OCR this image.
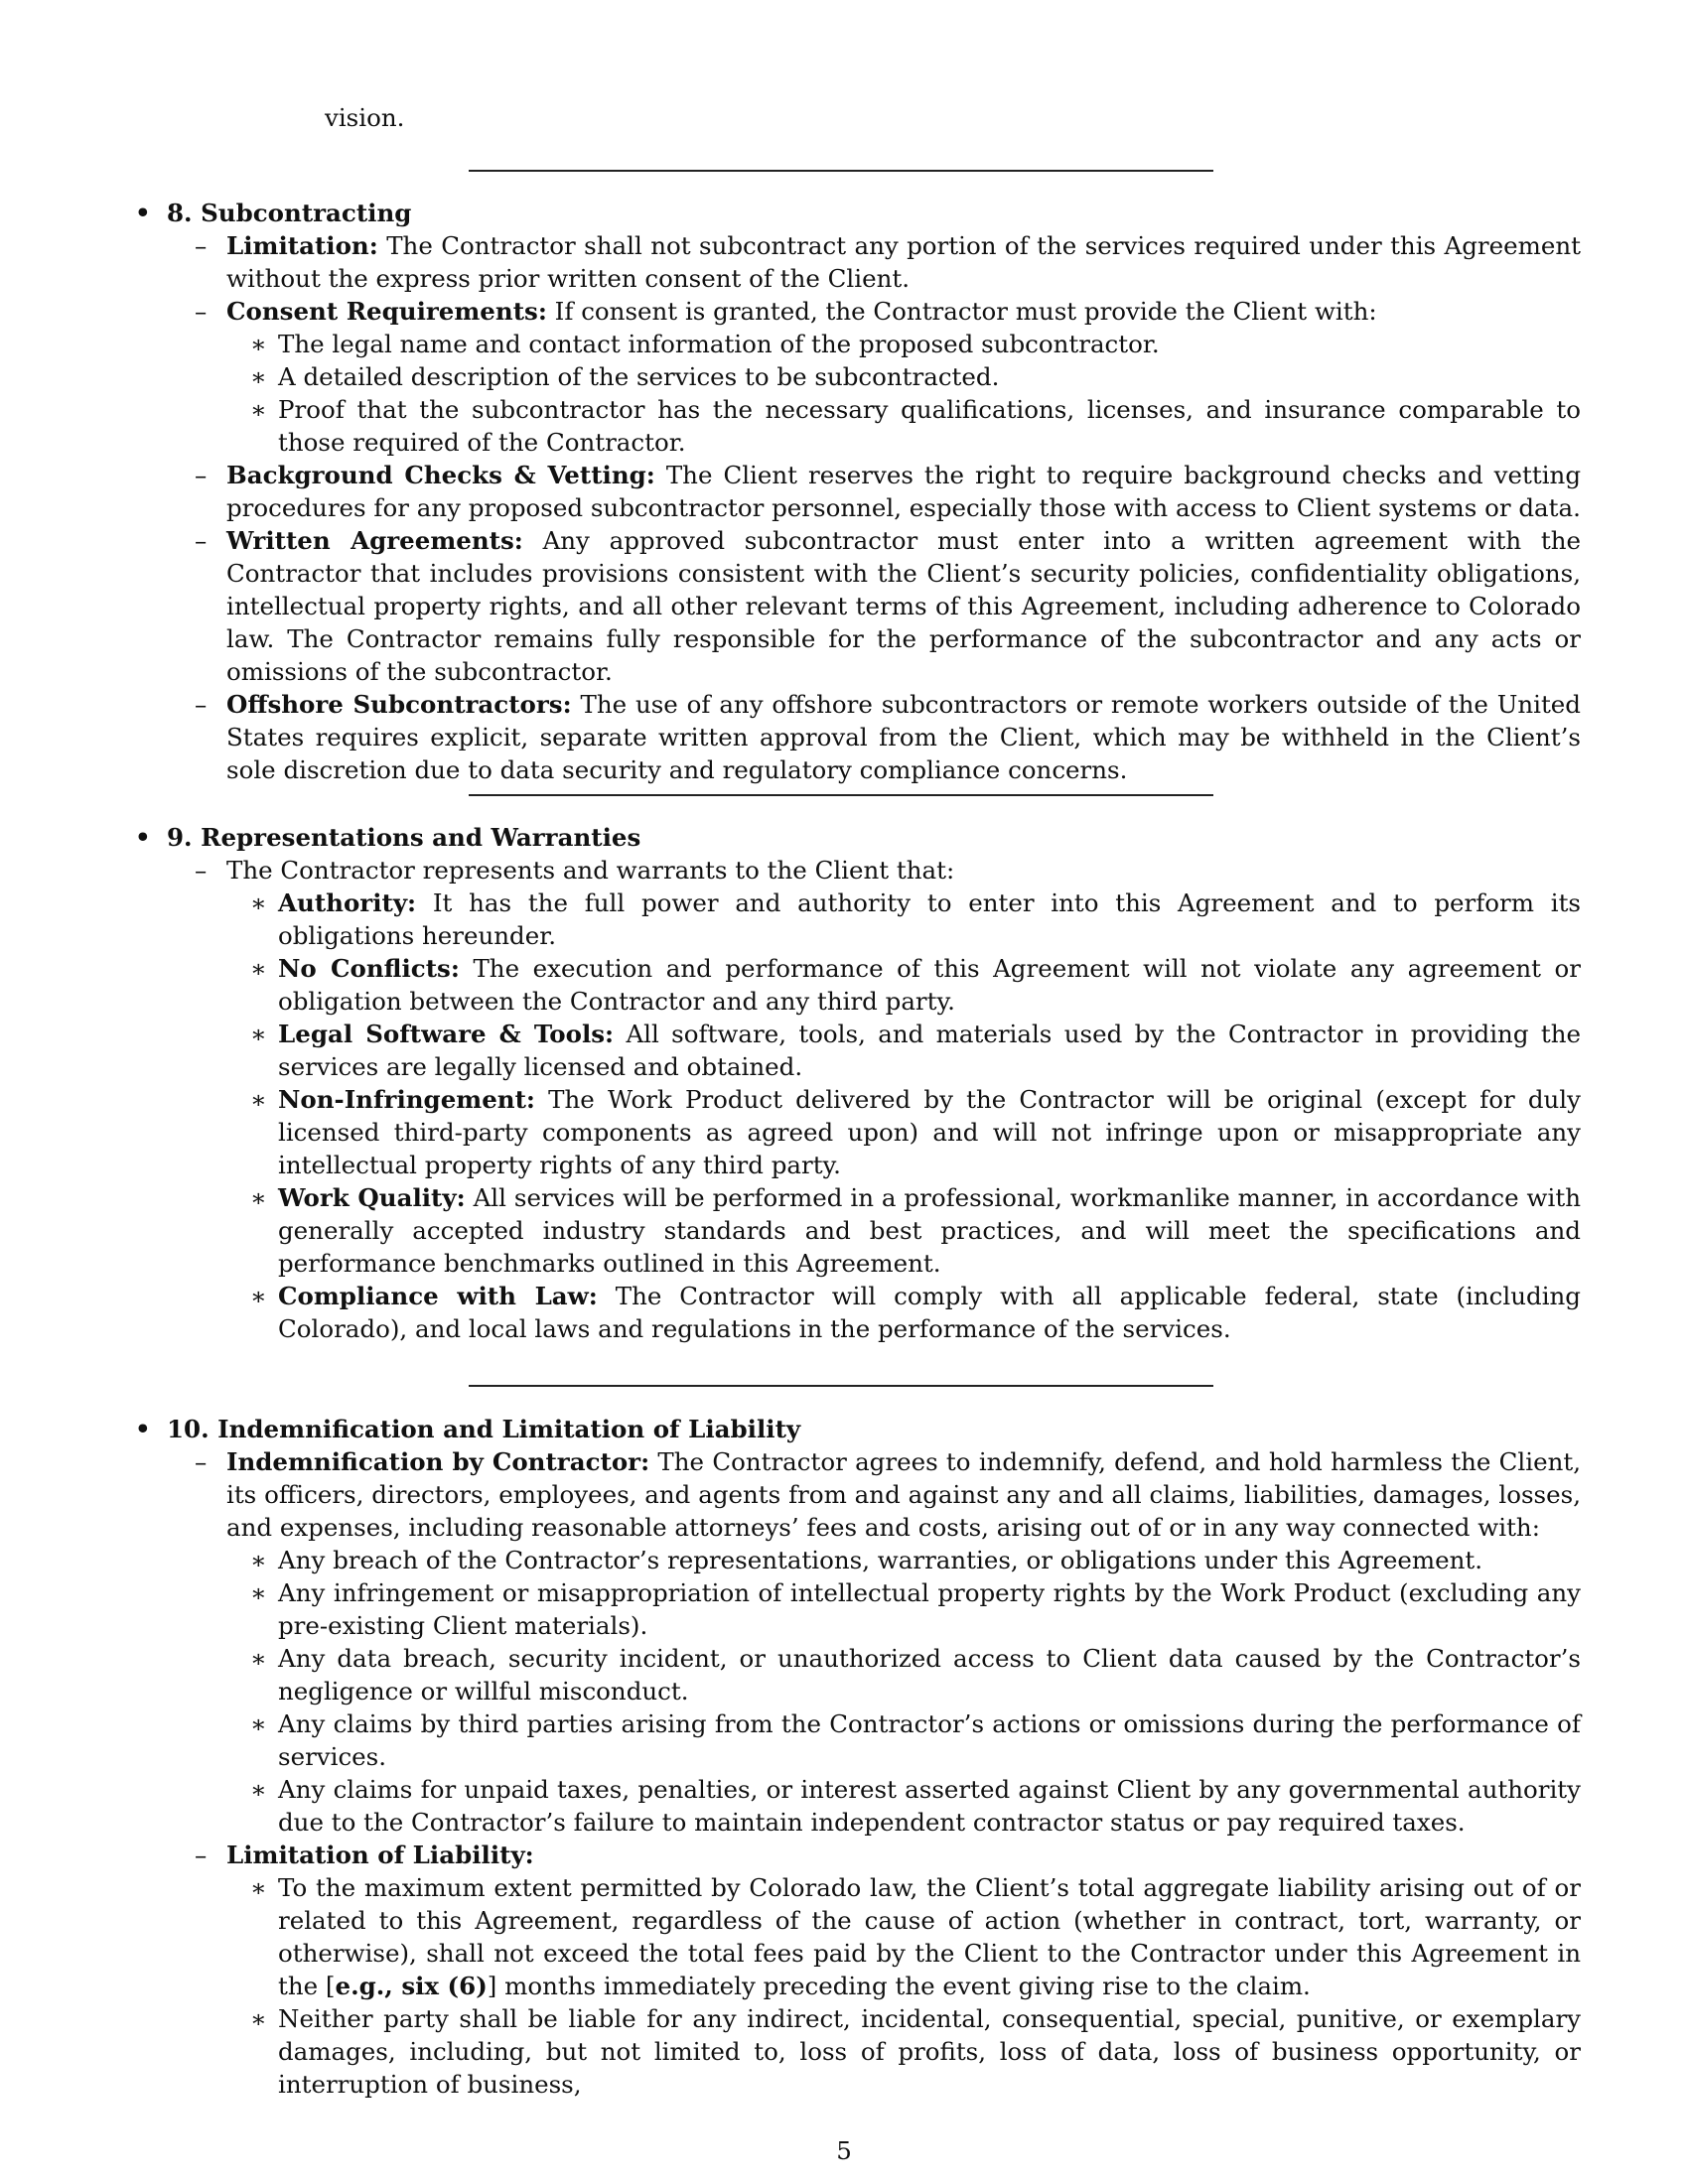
vision.
• 8. Subcontracting
– Limitation: The Contractor shall not subcontract any portion of the services required under this Agreement without the express prior written consent of the Client.
– Consent Requirements: If consent is granted, the Contractor must provide the Client with:
∗ The legal name and contact information of the proposed subcontractor.
∗ A detailed description of the services to be subcontracted.
∗ Proof that the subcontractor has the necessary qualifications, licenses, and insurance comparable to those required of the Contractor.
– Background Checks & Vetting: The Client reserves the right to require background checks and vetting procedures for any proposed subcontractor personnel, especially those with access to Client systems or data.
– Written Agreements: Any approved subcontractor must enter into a written agreement with the Contractor that includes provisions consistent with the Client’s security policies, confidentiality obligations, intellectual property rights, and all other relevant terms of this Agreement, including adherence to Colorado law. The Contractor remains fully responsible for the performance of the subcontractor and any acts or omissions of the subcontractor.
– Offshore Subcontractors: The use of any offshore subcontractors or remote workers outside of the United States requires explicit, separate written approval from the Client, which may be withheld in the Client’s sole discretion due to data security and regulatory compliance concerns.
• 9. Representations and Warranties
– The Contractor represents and warrants to the Client that:
∗ Authority: It has the full power and authority to enter into this Agreement and to perform its obligations hereunder.
∗ No Conflicts: The execution and performance of this Agreement will not violate any agreement or obligation between the Contractor and any third party.
∗ Legal Software & Tools: All software, tools, and materials used by the Contractor in providing the services are legally licensed and obtained.
∗ Non-Infringement: The Work Product delivered by the Contractor will be original (except for duly licensed third-party components as agreed upon) and will not infringe upon or misappropriate any intellectual property rights of any third party.
∗ Work Quality: All services will be performed in a professional, workmanlike manner, in accordance with generally accepted industry standards and best practices, and will meet the specifications and performance benchmarks outlined in this Agreement.
∗ Compliance with Law: The Contractor will comply with all applicable federal, state (including Colorado), and local laws and regulations in the performance of the services.
• 10. Indemnification and Limitation of Liability
– Indemnification by Contractor: The Contractor agrees to indemnify, defend, and hold harmless the Client, its officers, directors, employees, and agents from and against any and all claims, liabilities, damages, losses, and expenses, including reasonable attorneys’ fees and costs, arising out of or in any way connected with:
∗ Any breach of the Contractor’s representations, warranties, or obligations under this Agreement.
∗ Any infringement or misappropriation of intellectual property rights by the Work Product (excluding any pre-existing Client materials).
∗ Any data breach, security incident, or unauthorized access to Client data caused by the Contractor’s negligence or willful misconduct.
∗ Any claims by third parties arising from the Contractor’s actions or omissions during the performance of services.
∗ Any claims for unpaid taxes, penalties, or interest asserted against Client by any governmental authority due to the Contractor’s failure to maintain independent contractor status or pay required taxes.
– Limitation of Liability:
∗ To the maximum extent permitted by Colorado law, the Client’s total aggregate liability arising out of or related to this Agreement, regardless of the cause of action (whether in contract, tort, warranty, or otherwise), shall not exceed the total fees paid by the Client to the Contractor under this Agreement in the [e.g., six (6)] months immediately preceding the event giving rise to the claim.
∗ Neither party shall be liable for any indirect, incidental, consequential, special, punitive, or exemplary damages, including, but not limited to, loss of profits, loss of data, loss of business opportunity, or interruption of business,
5
